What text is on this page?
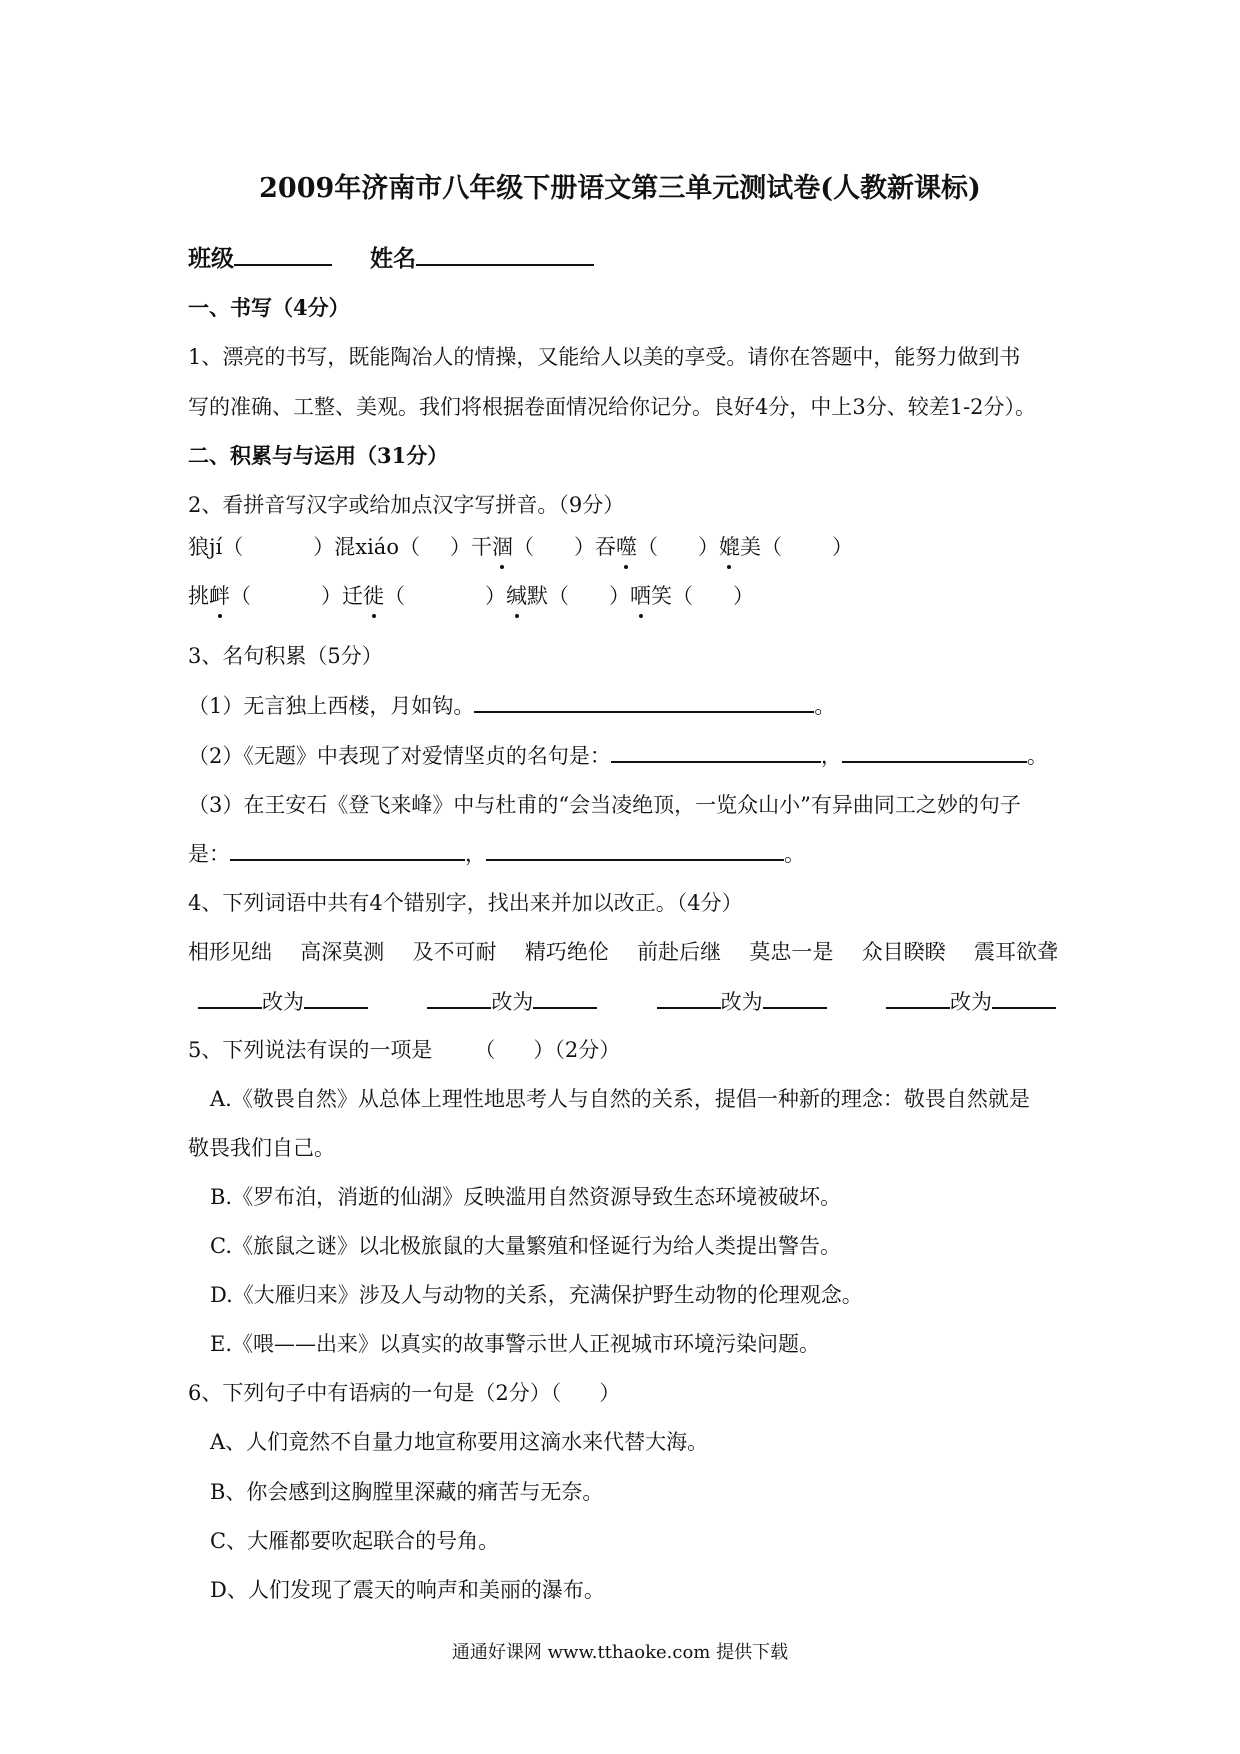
2009年济南市八年级下册语文第三单元测试卷(人教新课标)
班级	姓名
一、书写（4分）
1、漂亮的书写，既能陶冶人的情操，又能给人以美的享受。请你在答题中，能努力做到书
写的准确、工整、美观。我们将根据卷面情况给你记分。良好4分，中上3分、较差1-2分）。
二、积累与与运用（31分）
2、看拼音写汉字或给加点汉字写拼音。（9分）
狼jí（	）混xiáo（ ）干涸（ ）吞噬（ ）媲美（ ）
挑衅（	）迁徙（	）缄默（ ）哂笑（ ）
3、名句积累（5分）
（1）无言独上西楼，月如钩。	。
（2）《无题》中表现了对爱情坚贞的名句是：	，	。
（3）在王安石《登飞来峰》中与杜甫的“会当凌绝顶，一览众山小”有异曲同工之妙的句子
是：	，	。
4、下列词语中共有4个错别字，找出来并加以改正。（4分）
相形见绌 高深莫测 及不可耐 精巧绝伦 前赴后继 莫忠一是 众目睽睽 震耳欲聋
改为	改为	改为	改为
5、下列说法有误的一项是 （ ）（2分）
A.《敬畏自然》从总体上理性地思考人与自然的关系，提倡一种新的理念：敬畏自然就是
敬畏我们自己。
B.《罗布泊，消逝的仙湖》反映滥用自然资源导致生态环境被破坏。
C.《旅鼠之谜》以北极旅鼠的大量繁殖和怪诞行为给人类提出警告。
D.《大雁归来》涉及人与动物的关系，充满保护野生动物的伦理观念。
E.《喂——出来》以真实的故事警示世人正视城市环境污染问题。
6、下列句子中有语病的一句是（2分）（ ）
A、人们竟然不自量力地宣称要用这滴水来代替大海。
B、你会感到这胸膛里深藏的痛苦与无奈。
C、大雁都要吹起联合的号角。
D、人们发现了震天的响声和美丽的瀑布。
通通好课网 www.tthaoke.com 提供下载
